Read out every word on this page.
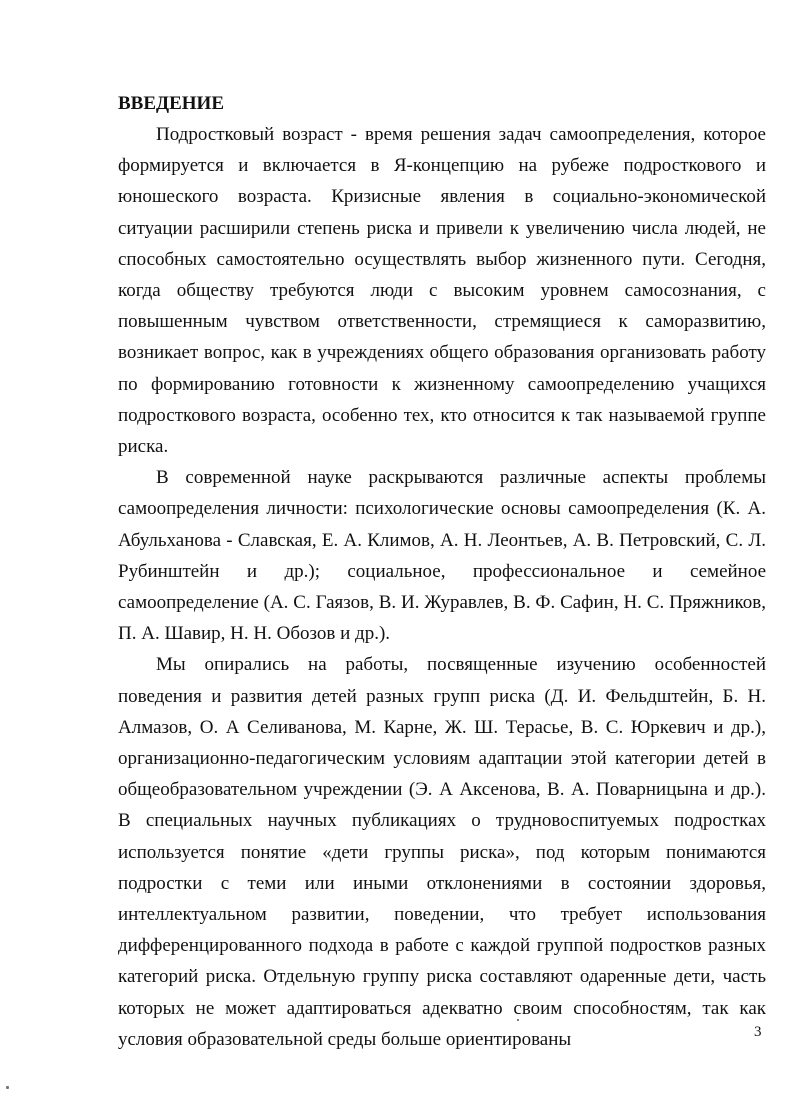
ВВЕДЕНИЕ

Подростковый возраст - время решения задач самоопределения, которое формируется и включается в Я-концепцию на рубеже подросткового и юношеского возраста. Кризисные явления в социально-экономической ситуации расширили степень риска и привели к увеличению числа людей, не способных самостоятельно осуществлять выбор жизненного пути. Сегодня, когда обществу требуются люди с высоким уровнем самосознания, с повышенным чувством ответственности, стремящиеся к саморазвитию, возникает вопрос, как в учреждениях общего образования организовать работу по формированию готовности к жизненному самоопределению учащихся подросткового возраста, особенно тех, кто относится к так называемой группе риска.

В современной науке раскрываются различные аспекты проблемы самоопределения личности: психологические основы самоопределения (К. А. Абульханова - Славская, Е. А. Климов, А. Н. Леонтьев, А. В. Петровский, С. Л. Рубинштейн и др.); социальное, профессиональное и семейное самоопределение (А. С. Гаязов, В. И. Журавлев, В. Ф. Сафин, Н. С. Пряжников, П. А. Шавир, Н. Н. Обозов и др.).

Мы опирались на работы, посвященные изучению особенностей поведения и развития детей разных групп риска (Д. И. Фельдштейн, Б. Н. Алмазов, О. А Селиванова, М. Карне, Ж. Ш. Терасье, В. С. Юркевич и др.), организационно-педагогическим условиям адаптации этой категории детей в общеобразовательном учреждении (Э. А Аксенова, В. А. Поварницына и др.). В специальных научных публикациях о трудновоспитуемых подростках используется понятие «дети группы риска», под которым понимаются подростки с теми или иными отклонениями в состоянии здоровья, интеллектуальном развитии, поведении, что требует использования дифференцированного подхода в работе с каждой группой подростков разных категорий риска. Отдельную группу риска составляют одаренные дети, часть которых не может адаптироваться адекватно своим способностям, так как условия образовательной среды больше ориентированы	3
